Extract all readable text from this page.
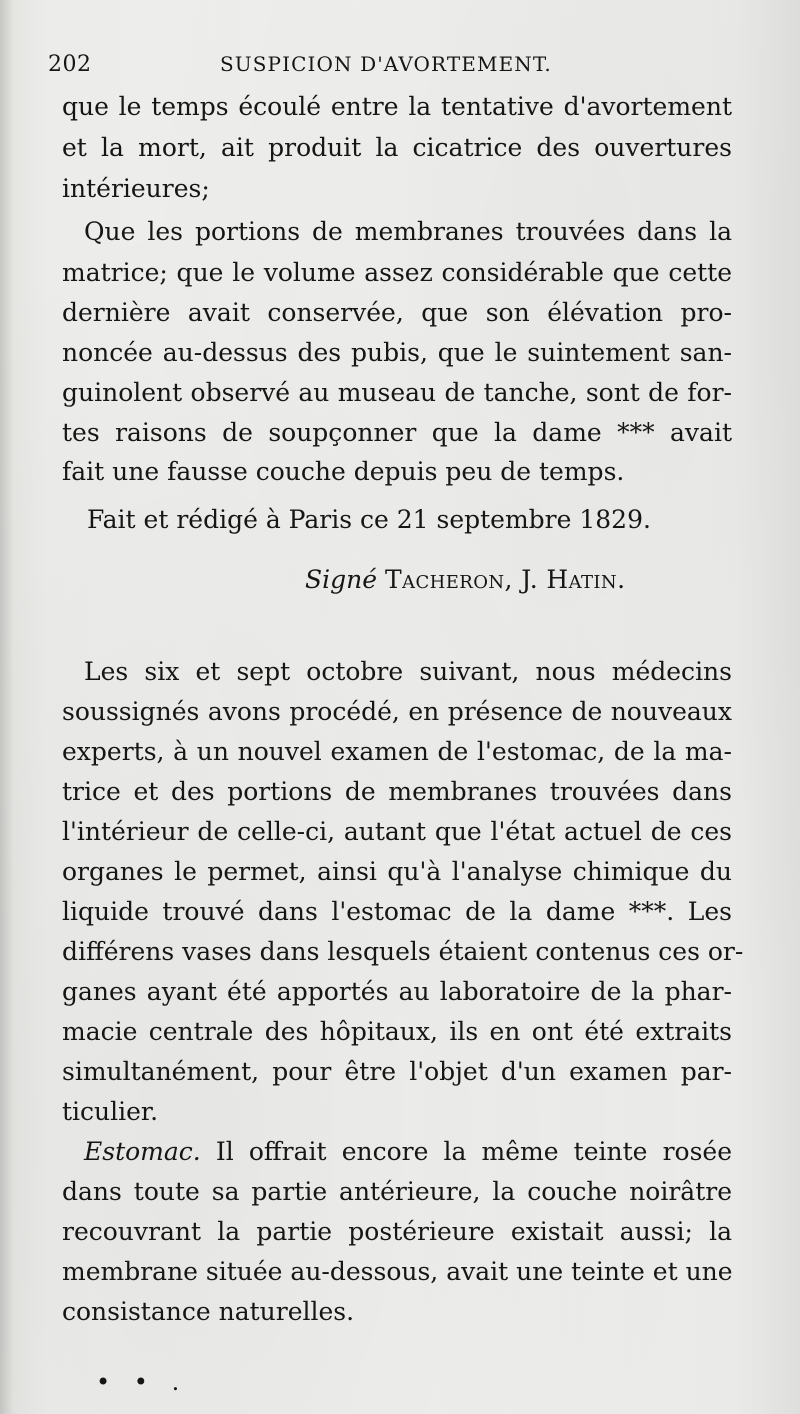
202	SUSPICION D'AVORTEMENT.
que le temps écoulé entre la tentative d'avortement
et la mort, ait produit la cicatrice des ouvertures
intérieures;
Que les portions de membranes trouvées dans la
matrice; que le volume assez considérable que cette
dernière avait conservée, que son élévation pro-
noncée au-dessus des pubis, que le suintement san-
guinolent observé au museau de tanche, sont de for-
tes raisons de soupçonner que la dame *** avait
fait une fausse couche depuis peu de temps.
Fait et rédigé à Paris ce 21 septembre 1829.
Signé Tacheron, J. Hatin.
Les six et sept octobre suivant, nous médecins
soussignés avons procédé, en présence de nouveaux
experts, à un nouvel examen de l'estomac, de la ma-
trice et des portions de membranes trouvées dans
l'intérieur de celle-ci, autant que l'état actuel de ces
organes le permet, ainsi qu'à l'analyse chimique du
liquide trouvé dans l'estomac de la dame ***. Les
différens vases dans lesquels étaient contenus ces or-
ganes ayant été apportés au laboratoire de la phar-
macie centrale des hôpitaux, ils en ont été extraits
simultanément, pour être l'objet d'un examen par-
ticulier.
Estomac. Il offrait encore la même teinte rosée
dans toute sa partie antérieure, la couche noirâtre
recouvrant la partie postérieure existait aussi; la
membrane située au-dessous, avait une teinte et une
consistance naturelles.
• • .
